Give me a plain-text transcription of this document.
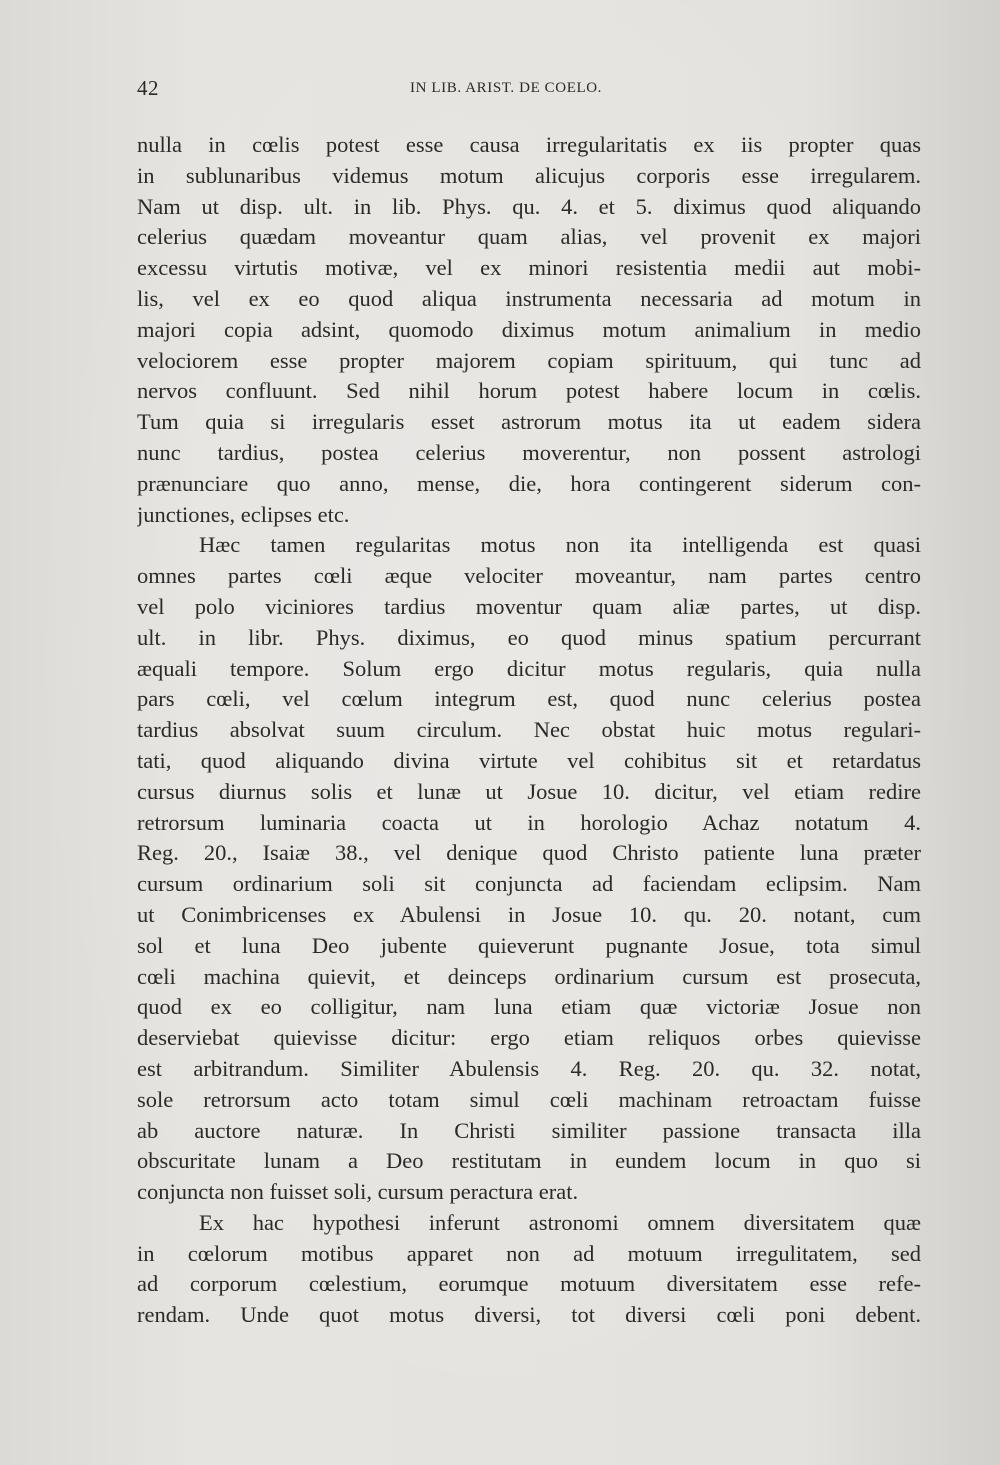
42	IN LIB. ARIST. DE COELO.
nulla in cœlis potest esse causa irregularitatis ex iis propter quas
in sublunaribus videmus motum alicujus corporis esse irregularem.
Nam ut disp. ult. in lib. Phys. qu. 4. et 5. diximus quod aliquando
celerius quædam moveantur quam alias, vel provenit ex majori
excessu virtutis motivæ, vel ex minori resistentia medii aut mobi-
lis, vel ex eo quod aliqua instrumenta necessaria ad motum in
majori copia adsint, quomodo diximus motum animalium in medio
velociorem esse propter majorem copiam spirituum, qui tunc ad
nervos confluunt. Sed nihil horum potest habere locum in cœlis.
Tum quia si irregularis esset astrorum motus ita ut eadem sidera
nunc tardius, postea celerius moverentur, non possent astrologi
prænunciare quo anno, mense, die, hora contingerent siderum con-
junctiones, eclipses etc.
Hæc tamen regularitas motus non ita intelligenda est quasi
omnes partes cœli æque velociter moveantur, nam partes centro
vel polo viciniores tardius moventur quam aliæ partes, ut disp.
ult. in libr. Phys. diximus, eo quod minus spatium percurrant
æquali tempore. Solum ergo dicitur motus regularis, quia nulla
pars cœli, vel cœlum integrum est, quod nunc celerius postea
tardius absolvat suum circulum. Nec obstat huic motus regulari-
tati, quod aliquando divina virtute vel cohibitus sit et retardatus
cursus diurnus solis et lunæ ut Josue 10. dicitur, vel etiam redire
retrorsum luminaria coacta ut in horologio Achaz notatum 4.
Reg. 20., Isaiæ 38., vel denique quod Christo patiente luna præter
cursum ordinarium soli sit conjuncta ad faciendam eclipsim. Nam
ut Conimbricenses ex Abulensi in Josue 10. qu. 20. notant, cum
sol et luna Deo jubente quieverunt pugnante Josue, tota simul
cœli machina quievit, et deinceps ordinarium cursum est prosecuta,
quod ex eo colligitur, nam luna etiam quæ victoriæ Josue non
deserviebat quievisse dicitur: ergo etiam reliquos orbes quievisse
est arbitrandum. Similiter Abulensis 4. Reg. 20. qu. 32. notat,
sole retrorsum acto totam simul cœli machinam retroactam fuisse
ab auctore naturæ. In Christi similiter passione transacta illa
obscuritate lunam a Deo restitutam in eundem locum in quo si
conjuncta non fuisset soli, cursum peractura erat.
Ex hac hypothesi inferunt astronomi omnem diversitatem quæ
in cœlorum motibus apparet non ad motuum irregulitatem, sed
ad corporum cœlestium, eorumque motuum diversitatem esse refe-
rendam. Unde quot motus diversi, tot diversi cœli poni debent.
